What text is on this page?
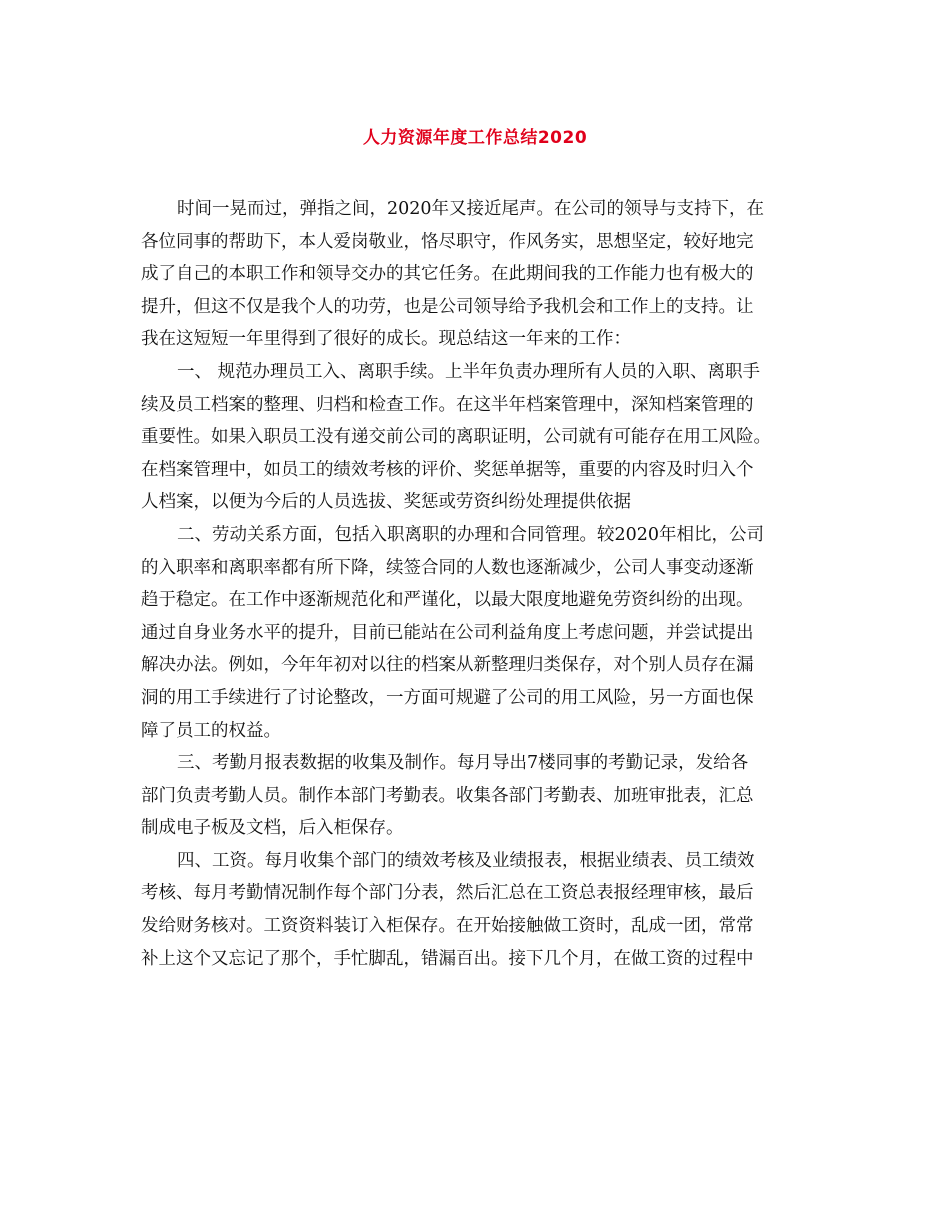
人力资源年度工作总结2020
时间一晃而过，弹指之间，2020年又接近尾声。在公司的领导与支持下，在
各位同事的帮助下，本人爱岗敬业，恪尽职守，作风务实，思想坚定，较好地完
成了自己的本职工作和领导交办的其它任务。在此期间我的工作能力也有极大的
提升，但这不仅是我个人的功劳，也是公司领导给予我机会和工作上的支持。让
我在这短短一年里得到了很好的成长。现总结这一年来的工作：
一、 规范办理员工入、离职手续。上半年负责办理所有人员的入职、离职手
续及员工档案的整理、归档和检查工作。在这半年档案管理中，深知档案管理的
重要性。如果入职员工没有递交前公司的离职证明，公司就有可能存在用工风险。
在档案管理中，如员工的绩效考核的评价、奖惩单据等，重要的内容及时归入个
人档案，以便为今后的人员选拔、奖惩或劳资纠纷处理提供依据
二、劳动关系方面，包括入职离职的办理和合同管理。较2020年相比，公司
的入职率和离职率都有所下降，续签合同的人数也逐渐减少，公司人事变动逐渐
趋于稳定。在工作中逐渐规范化和严谨化，以最大限度地避免劳资纠纷的出现。
通过自身业务水平的提升，目前已能站在公司利益角度上考虑问题，并尝试提出
解决办法。例如，今年年初对以往的档案从新整理归类保存，对个别人员存在漏
洞的用工手续进行了讨论整改，一方面可规避了公司的用工风险，另一方面也保
障了员工的权益。
三、考勤月报表数据的收集及制作。每月导出7楼同事的考勤记录，发给各
部门负责考勤人员。制作本部门考勤表。收集各部门考勤表、加班审批表，汇总
制成电子板及文档，后入柜保存。
四、工资。每月收集个部门的绩效考核及业绩报表，根据业绩表、员工绩效
考核、每月考勤情况制作每个部门分表，然后汇总在工资总表报经理审核，最后
发给财务核对。工资资料装订入柜保存。在开始接触做工资时，乱成一团，常常
补上这个又忘记了那个，手忙脚乱，错漏百出。接下几个月，在做工资的过程中
